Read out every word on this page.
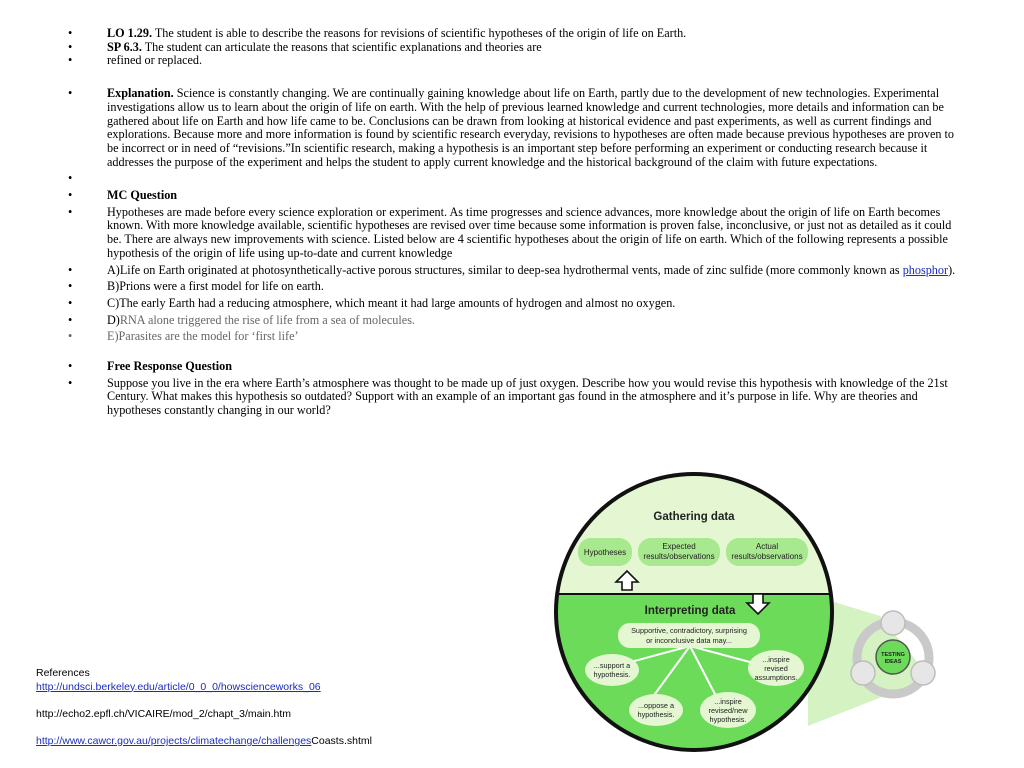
•	LO 1.29. The student is able to describe the reasons for revisions of scientific hypotheses of the origin of life on Earth.
•	SP 6.3. The student can articulate the reasons that scientific explanations and theories are
•	refined or replaced.
•	Explanation. Science is constantly changing. We are continually gaining knowledge about life on Earth, partly due to the development of new technologies. Experimental investigations allow us to learn about the origin of life on earth. With the help of previous learned knowledge and current technologies, more details and information can be gathered about life on Earth and how life came to be. Conclusions can be drawn from looking at historical evidence and past experiments, as well as current findings and explorations. Because more and more information is found by scientific research everyday, revisions to hypotheses are often made because previous hypotheses are proven to be incorrect or in need of “revisions.”In scientific research, making a hypothesis is an important step before performing an experiment or conducting research because it addresses the purpose of the experiment and helps the student to apply current knowledge and the historical background of the claim with future expectations.
•

•	MC Question
•	Hypotheses are made before every science exploration or experiment. As time progresses and science advances, more knowledge about the origin of life on Earth becomes known. With more knowledge available, scientific hypotheses are revised over time because some information is proven false, inconclusive, or just not as detailed as it could be. There are always new improvements with science. Listed below are 4 scientific hypotheses about the origin of life on earth. Which of the following represents a possible hypothesis of the origin of life using up-to-date and current knowledge
•	A)Life on Earth originated at photosynthetically-active porous structures, similar to deep-sea hydrothermal vents, made of zinc sulfide (more commonly known as phosphor).
•	B)Prions were a first model for life on earth.
•	C)The early Earth had a reducing atmosphere, which meant it had large amounts of hydrogen and almost no oxygen.
•	D)RNA alone triggered the rise of life from a sea of molecules.
•	E)Parasites are the model for ‘first life’
•	Free Response Question
•	Suppose you live in the era where Earth’s atmosphere was thought to be made up of just oxygen. Describe how you would revise this hypothesis with knowledge of the 21st Century. What makes this hypothesis so outdated? Support with an example of an important gas found in the atmosphere and it’s purpose in life. Why are theories and hypotheses constantly changing in our world?
Gathering data
Hypotheses
Expected
results/observations
Actual
results/observations
Interpreting data
Supportive, contradictory, surprising
or inconclusive data may...
...support a
hypothesis.
...oppose a
hypothesis.
...inspire
revised/new
hypothesis.
...inspire
revised
assumptions.
TESTING
IDEAS
References
http://undsci.berkeley.edu/article/0_0_0/howscienceworks_06
http://echo2.epfl.ch/VICAIRE/mod_2/chapt_3/main.htm
http://www.cawcr.gov.au/projects/climatechange/challengesCoasts.shtml
